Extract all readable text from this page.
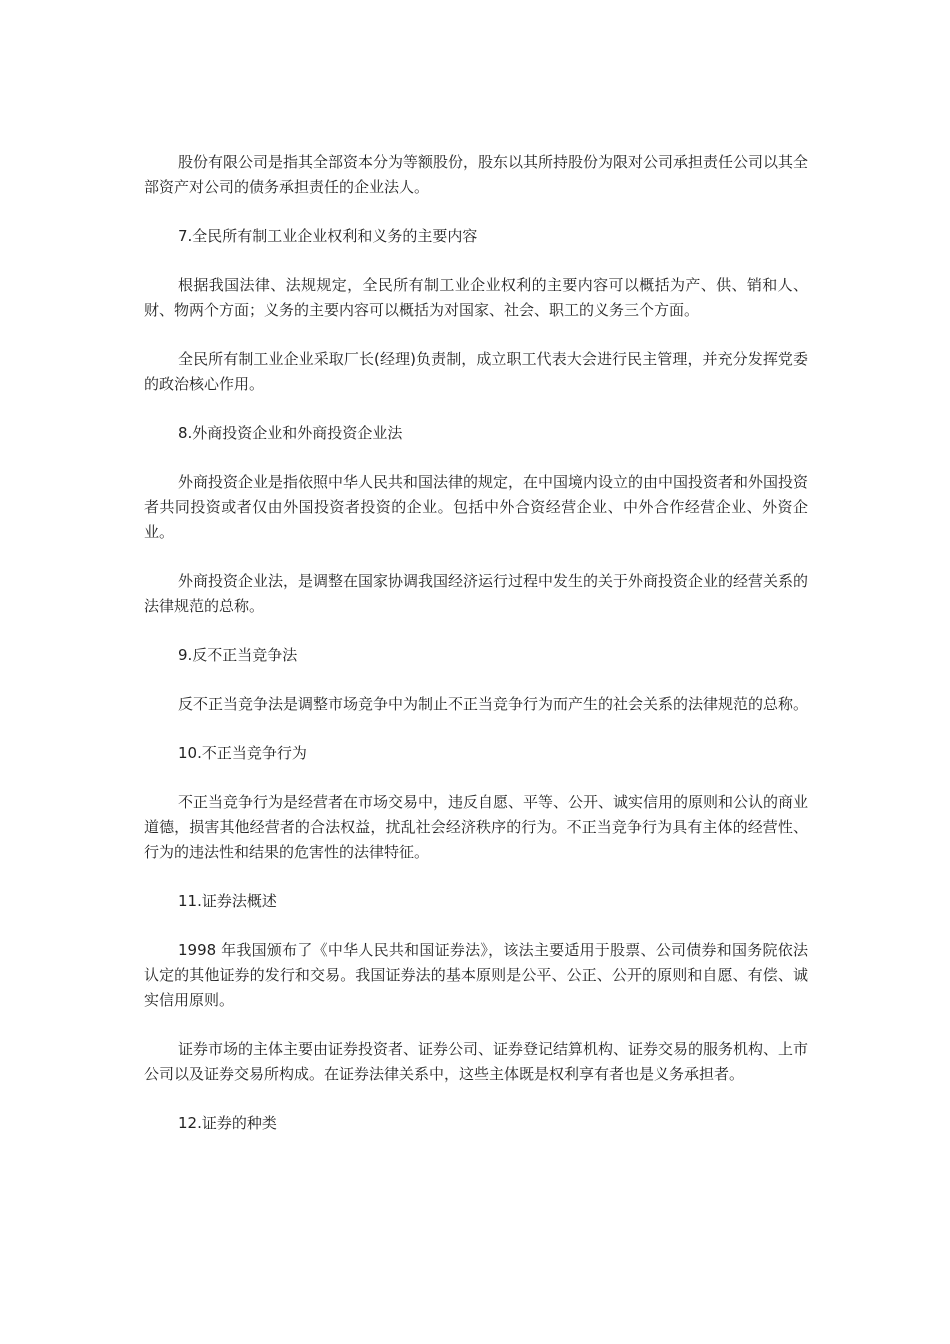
股份有限公司是指其全部资本分为等额股份，股东以其所持股份为限对公司承担责任公司以其全部资产对公司的债务承担责任的企业法人。

7.全民所有制工业企业权利和义务的主要内容

根据我国法律、法规规定，全民所有制工业企业权利的主要内容可以概括为产、供、销和人、财、物两个方面；义务的主要内容可以概括为对国家、社会、职工的义务三个方面。

全民所有制工业企业采取厂长(经理)负责制，成立职工代表大会进行民主管理，并充分发挥党委的政治核心作用。

8.外商投资企业和外商投资企业法

外商投资企业是指依照中华人民共和国法律的规定，在中国境内设立的由中国投资者和外国投资者共同投资或者仅由外国投资者投资的企业。包括中外合资经营企业、中外合作经营企业、外资企业。

外商投资企业法，是调整在国家协调我国经济运行过程中发生的关于外商投资企业的经营关系的法律规范的总称。

9.反不正当竞争法

反不正当竞争法是调整市场竞争中为制止不正当竞争行为而产生的社会关系的法律规范的总称。

10.不正当竞争行为

不正当竞争行为是经营者在市场交易中，违反自愿、平等、公开、诚实信用的原则和公认的商业道德，损害其他经营者的合法权益，扰乱社会经济秩序的行为。不正当竞争行为具有主体的经营性、行为的违法性和结果的危害性的法律特征。

11.证券法概述

1998 年我国颁布了《中华人民共和国证券法》，该法主要适用于股票、公司债券和国务院依法认定的其他证券的发行和交易。我国证券法的基本原则是公平、公正、公开的原则和自愿、有偿、诚实信用原则。

证券市场的主体主要由证券投资者、证券公司、证券登记结算机构、证券交易的服务机构、上市公司以及证券交易所构成。在证券法律关系中，这些主体既是权利享有者也是义务承担者。

12.证券的种类
